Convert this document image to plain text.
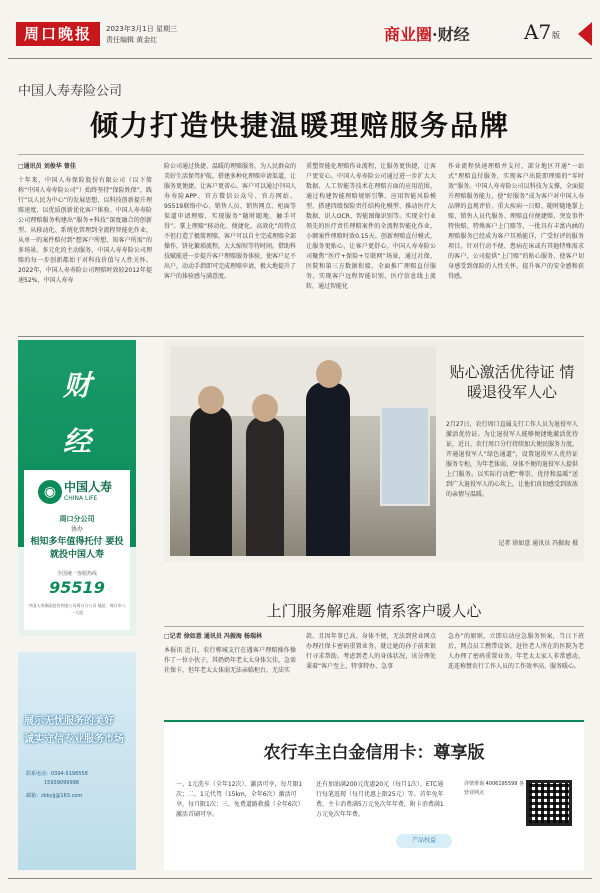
周口晚报	2023年3月1日 星期三
责任编辑 黄金红	商业圈·财经	A7 版
中国人寿寿险公司
倾力打造快捷温暖理赔服务品牌
□通讯员 刘俊华 曾佳
十年来，中国人寿保险股份有限公司（以下简称“中国人寿寿险公司”）始终坚持“保险姓保”，践行“以人民为中心”的发展思想，以科技创新提升理赔速度，以优质创新优化客户体验。中国人寿寿险公司理赔服务构建出“服务+科技”深度融合的创新型、从移动化、系统化管理到全流程智能化作业，从单一的案件赔付到“想客户所想、知客户所需”的多场景、多元化的主动服务，中国人寿寿险公司理赔的每一步创新都始于对科技价值与人性关怀。2022年，中国人寿寿险公司理赔时效较2012年提速52%，中国人寿寿
险公司通过快捷、温暖的理赔服务，为人民群众的美好生活保驾护航。搭建多种化理赔申请渠道，让服务更便捷。让客户更省心。客户可以通过中国人寿寿险APP、官方微信公众号、官方网站、95519联络中心、销售人员、销售网点、柜面等渠道申请理赔，实现服务“随时随地、触手可得”。掌上理赔“移动化、便捷化、高效化”的特点不但打造了极简理赔，客户可以自主完成理赔全部操作，饼化繁琐流程，大大缩短等待时间。借助科技赋能进一步提升客户理赔服务体验，使客户足不出户，动动手指即可完成理赔申请，极大地提升了客户的体验感与满意度。
重塑智能化理赔作业流程，让服务更快捷，让客户更安心。中国人寿寿险公司通过进一步扩大大数据、人工智能等技术在理赔方面的应用范围，通过构建智能理赔规则引擎、应用智能风险模型、搭建四级保险责任结构化模型、推动医疗大数据、识人OCR、智能图像识别等。实现全行业领先的医疗责任理赔案件的全流程智能化作业，小额案件理赔时效0.15天。创新理赔直付模式，让服务更贴心，让客户更舒心。中国人寿寿险公司聚焦“医疗+保险+互联网”场景，通过社保、医院和第三方数据衔接，全面推广理赔直付服务。实现客户远程智能识别、医疗信息线上流转，通过智能化
作业流程快速理赔并支付，部分地区开通“一站式”理赔直付服务，实现客户出院即理赔的“零时效”服务。中国人寿寿险公司以科技为支撑，全面提升理赔服务能力，使“好服务”成为客户对中国人寿品牌的直观评价。重大疾病一日赔、随时随地掌上赔、销售人员代服务、理赔直付便捷赔、突发事件特快赔、特殊客户上门赔等，一批具有丰富内涵的理赔服务已经成为客户耳熟能详，广受好评的服务项目。针对行动不便、患病在床或有其他特殊需求的客户，公司提供“上门赔”的贴心服务，使客户切身感受到保险的人性关怀，提升客户的安全感和获得感。
财
经
◉ 中国人寿
CHINA LIFE
周口分公司
协办
相知多年值得托付 要投就投中国人寿
全国统一客服热线
95519
中国人寿保险股份有限公司周口分公司 地址：周口市八一大道
贴心激活优待证 情暖退役军人心
2月27日，农行周口直属支行工作人员为退役军人激活优待证。为让退役军人能够便捷地激活优待证，近日，农行周口分行持续加大便民服务力度，开通退役军人“绿色通道”，设置退役军人优待证服务专柜，为年老体弱、身体不便的退役军人提供上门服务。以实际行动把“尊崇、优待和温暖”送到广大退役军人的心坎上，让他们真切感受到浓浓的亲情与温暖。
记者 徐如意 通讯员 冯振海 摄
上门服务解难题 情系客户暖人心
□记者 徐如意 通讯员 冯振海 杨瑞林
本报讯 近日，农行郸城支行在遇客户理赔操作操作了一位小伙子，其奶奶年老太太身体欠佳，急需社保卡，但年老太太体弱无法亲临柜台，无法实
款。且因年事已高、身体不便，无法到营业网点办理社保卡密码重置业务，就让她的孙子前来银行寻求帮助。考虑到老人的身体状况，该分理处秉着“客户至上、特事特办、急事
急办”的原则，立即启动应急服务预案，当日下班后，网点员工携带设备，赶往老人所在的医院为老人办理了密码重置业务。年老太太家人非常感动，连连称赞农行工作人员的工作效率高、服务暖心。
展示无忧服务的美好
诚实守信专业服务市场
联系电话：0394-5196558
15939099998
邮箱：zkbyjj@163.com
农行车主白金信用卡：尊享版
一、1元洗车（全年12次）、激活可享，每月限1次；二、1元代驾（15km，全年6次）激活可享，每月限1次；三、免费道路救援（全年6次）激活首刷可享。
还有加油满200元优惠20元（每月1次）、ETC通行每笔返现（每月优惠上限25元）等。首年免年费，主卡消费满5万元免次年年费，附卡消费满1万元免次年年费。
详情垂询 4006195599 各营业网点
产品权益
